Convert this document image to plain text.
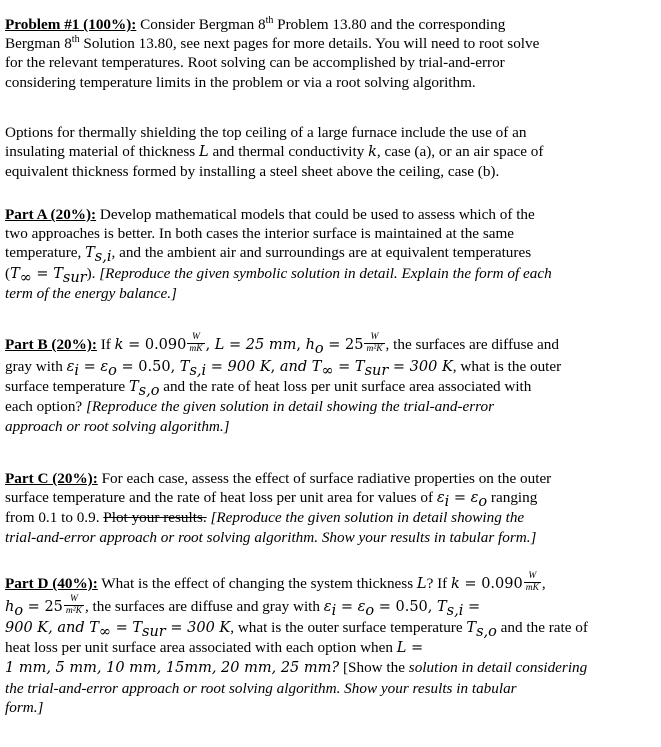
Problem #1 (100%): Consider Bergman 8th Problem 13.80 and the corresponding
Bergman 8th Solution 13.80, see next pages for more details. You will need to root solve
for the relevant temperatures. Root solving can be accomplished by trial-and-error
considering temperature limits in the problem or via a root solving algorithm.
Options for thermally shielding the top ceiling of a large furnace include the use of an
insulating material of thickness L and thermal conductivity k, case (a), or an air space of
equivalent thickness formed by installing a steel sheet above the ceiling, case (b).
Part A (20%): Develop mathematical models that could be used to assess which of the
two approaches is better. In both cases the interior surface is maintained at the same
temperature, $T_{s,i}$, and the ambient air and surroundings are at equivalent temperatures
$(T_\infty = T_{sur})$. [Reproduce the given symbolic solution in detail. Explain the form of each
term of the energy balance.]
Part B (20%): If $k = 0.090 \frac{W}{mK}$ , L = 25 mm, $h_o = 25 \frac{W}{\text{m²K}}$ , the surfaces are diffuse and
gray with $\varepsilon_i = \varepsilon_o = 0.50$, $T_{s,i} = 900$ K, and $T_\infty = T_{sur} = 300$ K, what is the outer
surface temperature $T_{s,o}$ and the rate of heat loss per unit surface area associated with
each option? [Reproduce the given solution in detail showing the trial-and-error
approach or root solving algorithm.]
Part C (20%): For each case, assess the effect of surface radiative properties on the outer
surface temperature and the rate of heat loss per unit area for values of $\varepsilon_i = \varepsilon_o$ ranging
from 0.1 to 0.9. Plot your results. [Reproduce the given solution in detail showing the
trial-and-error approach or root solving algorithm. Show your results in tabular form.]
Part D (40%): What is the effect of changing the system thickness L? If $k = 0.090 \frac{W}{mK}$ ,
$h_o = 25 \frac{W}{\text{m²K}}$ , the surfaces are diffuse and gray with $\varepsilon_i = \varepsilon_o = 0.50$, $T_{s,i}$ =
900 K, and $T_\infty = T_{sur} = 300$ K, what is the outer surface temperature $T_{s,o}$ and the rate of
heat loss per unit surface area associated with each option when L =
1 mm, 5 mm, 10 mm, 15mm, 20 mm, 25 mm? [Show the solution in detail considering
the trial-and-error approach or root solving algorithm. Show your results in tabular
form.]
